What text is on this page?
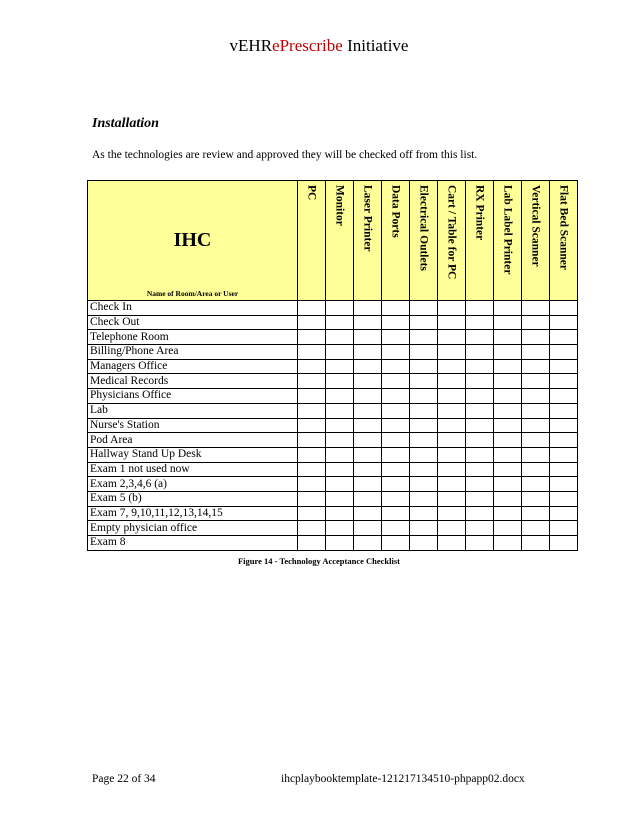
vEHRePrescribe Initiative
Installation
As the technologies are review and approved they will be checked off from this list.
IHC
Name of Room/Area or User	PC	Monitor	Laser Printer	Data Ports	Electrical Outlets	Cart / Table for PC	RX Printer	Lab Label Printer	Vertical Scanner	Flat Bed Scanner

Check In										
Check Out										
Telephone Room										
Billing/Phone Area										
Managers Office										
Medical Records										
Physicians Office										
Lab										
Nurse's Station										
Pod Area										
Hallway Stand Up Desk										
Exam 1 not used now										
Exam 2,3,4,6 (a)										
Exam 5 (b)										
Exam 7, 9,10,11,12,13,14,15										
Empty physician office										
Exam 8										
Figure 14 - Technology Acceptance Checklist
Page 22 of 34	ihcplaybooktemplate-121217134510-phpapp02.docx
